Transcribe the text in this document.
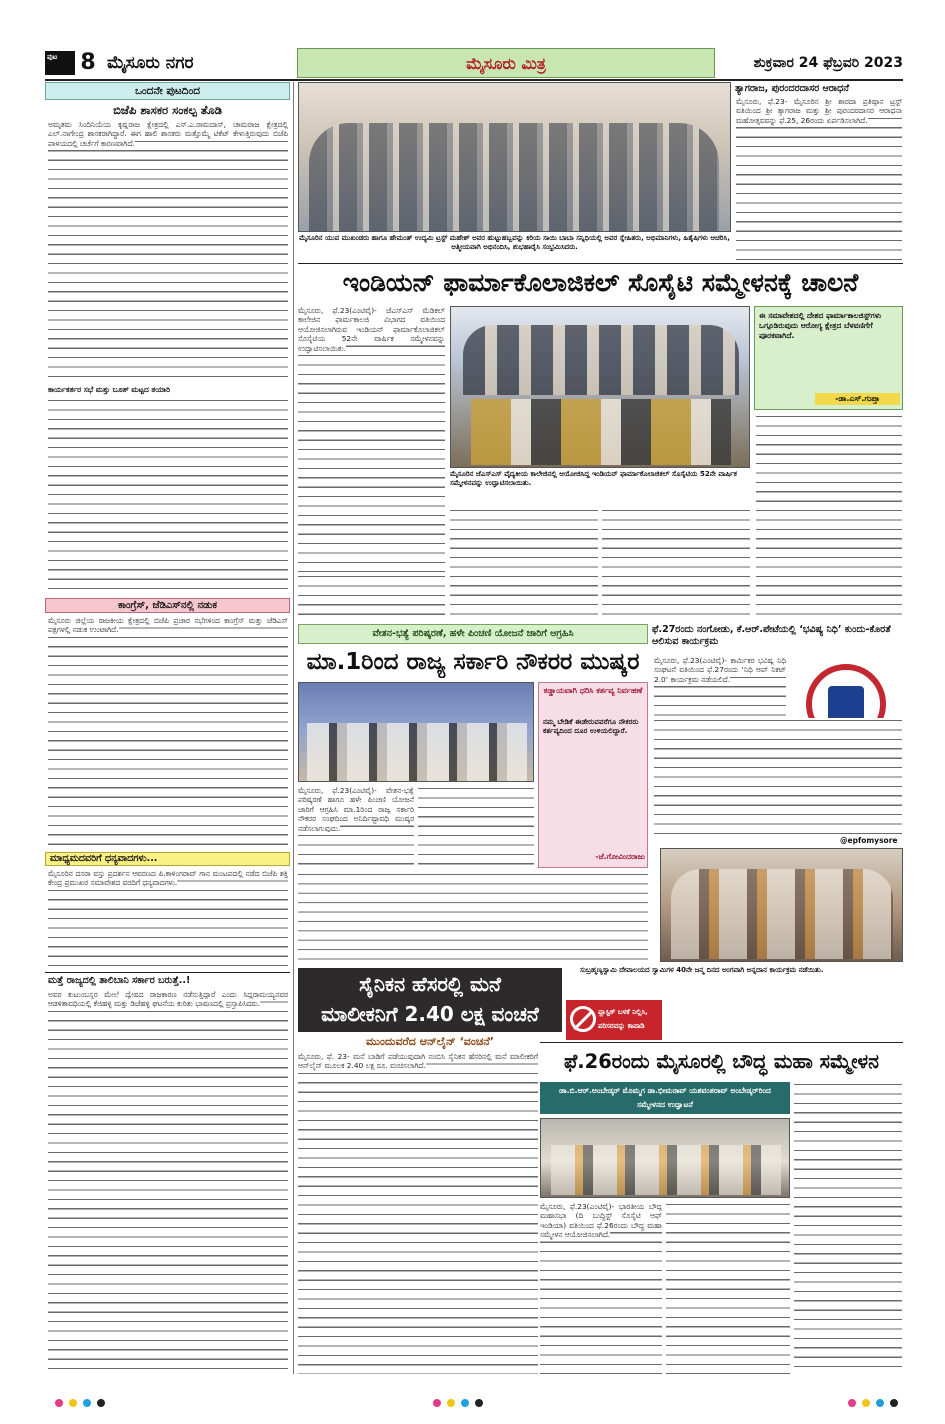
ಪುಟ	8 ಮೈಸೂರು ನಗರ	ಮೈಸೂರು ಮಿತ್ರ	ಶುಕ್ರವಾರ 24 ಫೆಬ್ರವರಿ 2023
ಒಂದನೇ ಪುಟದಿಂದ
ಬಿಜೆಪಿ ಶಾಸಕರ ಸಂಕಲ್ಪ ತೊಡಿ
ಅಮೃತಮ ಸಿಂದಿನಿಯೆಯ ಕೃಷ್ಣರಾಜ ಕ್ಷೇತ್ರದಲ್ಲಿ ಎಸ್.ಎ.ರಾಮದಾಸ್, ಚಾಮರಾಜ ಕ್ಷೇತ್ರದಲ್ಲಿ ಎಲ್.ನಾಗೇಂದ್ರ ಶಾಸಕರಾಗಿದ್ದಾರೆ. ಈಗ ಹಾಲಿ ಶಾಸಕರು ಮತ್ತೊಮ್ಮೆ ಟಿಕೆಟ್ ಕೇಳುತ್ತಿರುವುದು ಬಿಜೆಪಿ ಪಾಳಯದಲ್ಲಿ ಚರ್ಚೆಗೆ ಕಾರಣವಾಗಿದೆ.
ಕಾರ್ಯಕರ್ತರ ಸಭೆ ಮತ್ತು ಬೂತ್ ಮಟ್ಟದ ತಯಾರಿ
ಕಾಂಗ್ರೆಸ್, ಜೆಡಿಎಸ್‌ನಲ್ಲಿ ನಡುಕ
ಮೈಸೂರು ಜಿಲ್ಲೆಯ ರಾಜಕೀಯ ಕ್ಷೇತ್ರದಲ್ಲಿ ಬಿಜೆಪಿ ಪ್ರಚಾರ ಸಭೆಗಳಿಂದ ಕಾಂಗ್ರೆಸ್ ಮತ್ತು ಜೆಡಿಎಸ್ ಪಕ್ಷಗಳಲ್ಲಿ ನಡುಕ ಉಂಟಾಗಿದೆ.
ಮಾಧ್ಯಮದವರಿಗೆ ಧನ್ಯವಾದಗಳು...
ಮೈಸೂರಿನ ದಸರಾ ವಸ್ತು ಪ್ರದರ್ಶನ ಆವರಣದ ಪಿ.ಕಾಳಿಂಗರಾವ್ ಗಾನ ಮಂಟಪದಲ್ಲಿ ನಡೆದ ಬಿಜೆಪಿ ಶಕ್ತಿ ಕೇಂದ್ರ ಪ್ರಮುಖರ ಸಮಾವೇಶದ ವರದಿಗೆ ಧನ್ಯವಾದಗಳು.
ಮತ್ತೆ ರಾಜ್ಯದಲ್ಲಿ ತಾಲಿಬಾನಿ ಸರ್ಕಾರ ಬರುತ್ತೆ..!
ಅವರ ಕುಟುಂಬಸ್ಥರ ಮೇಲೆ ದ್ವೇಷದ ರಾಜಕಾರಣ ನಡೆಸುತ್ತಿದ್ದಾರೆ ಎಂದು ಸಿದ್ದರಾಮಯ್ಯನವರ ಆಡಳಿತಾವಧಿಯಲ್ಲಿ ಕೆಜಿಹಳ್ಳಿ ಮತ್ತು ಡಿಜೆಹಳ್ಳಿ ಘಟನೆಯ ಕುರಿತು ಭಾಷಣದಲ್ಲಿ ಪ್ರಸ್ತಾಪಿಸಿದರು.
ಮೈಸೂರಿನ ಯುವ ಮುಖಂಡರು ಹಾಗೂ ಹೇಮಂತ್ ಉದ್ಯಮಿ ಟ್ರಸ್ಟ್ ಮಹೇಶ್ ಅವರ ಹುಟ್ಟುಹಬ್ಬವನ್ನು ಕಿರಿಯ ಸಾಯಿ ಬಾಬಾ ಸನ್ನಿಧಿಯಲ್ಲಿ ಅವರ ಸ್ನೇಹಿತರು, ಅಭಿಮಾನಿಗಳು, ಹಿತೈಷಿಗಳು ಆಚರಿಸಿ, ಆತ್ಮೀಯವಾಗಿ ಅಭಿನಂದಿಸಿ, ಶುಭಹಾರೈಸಿ ಸಂಭ್ರಮಿಸಿದರು.
ತ್ಯಾಗರಾಜ, ಪುರಂದರದಾಸರ ಆರಾಧನೆ
ಮೈಸೂರು, ಫೆ.23- ಮೈಸೂರಿನ ಶ್ರೀ ಶಾರದಾ ಪ್ರತಿಷ್ಠಾನ ಟ್ರಸ್ಟ್ ವತಿಯಿಂದ ಶ್ರೀ ತ್ಯಾಗರಾಜ ಮತ್ತು ಶ್ರೀ ಪುರಂದರದಾಸರ ಆರಾಧನಾ ಮಹೋತ್ಸವವನ್ನು ಫೆ.25, 26ರಂದು ಏರ್ಪಡಿಸಲಾಗಿದೆ.
ಇಂಡಿಯನ್ ಫಾರ್ಮಾಕೊಲಾಜಿಕಲ್ ಸೊಸೈಟಿ ಸಮ್ಮೇಳನಕ್ಕೆ ಚಾಲನೆ
ಮೈಸೂರು, ಫೆ.23(ಎಂಟಿವೈ)- ಜೆಎಸ್‌ಎಸ್ ಮೆಡಿಕಲ್ ಕಾಲೇಜಿನ ಫಾರ್ಮಕಾಲಜಿ ವಿಭಾಗದ ವತಿಯಿಂದ ಆಯೋಜಿಸಲಾಗಿರುವ ಇಂಡಿಯನ್ ಫಾರ್ಮಾಕೊಲಾಜಿಕಲ್ ಸೊಸೈಟಿಯ 52ನೇ ವಾರ್ಷಿಕ ಸಮ್ಮೇಳನವನ್ನು ಉದ್ಘಾಟಿಸಲಾಯಿತು.
ಮೈಸೂರಿನ ಜೆಎಸ್‌ಎಸ್ ವೈದ್ಯಕೀಯ ಕಾಲೇಜಿನಲ್ಲಿ ಆಯೋಜಿಸಿದ್ದ ಇಂಡಿಯನ್ ಫಾರ್ಮಾಕೊಲಾಜಿಕಲ್ ಸೊಸೈಟಿಯ 52ನೇ ವಾರ್ಷಿಕ ಸಮ್ಮೇಳನವನ್ನು ಉದ್ಘಾಟಿಸಲಾಯಿತು.
ಈ ಸಮಾವೇಶದಲ್ಲಿ ದೇಶದ ಫಾರ್ಮಾಕಾಲಜಿಸ್ಟ್‌ಗಳು ಒಗ್ಗೂಡಿರುವುದು ಆರೋಗ್ಯ ಕ್ಷೇತ್ರದ ಬೆಳವಣಿಗೆಗೆ ಪೂರಕವಾಗಿದೆ.
-ಡಾ.ಎಸ್.ಗುಪ್ತಾ
ವೇತನ-ಭತ್ಯೆ ಪರಿಷ್ಕರಣೆ, ಹಳೇ ಪಿಂಚಣಿ ಯೋಜನೆ ಜಾರಿಗೆ ಆಗ್ರಹಿಸಿ
ಮಾ.1ರಿಂದ ರಾಜ್ಯ ಸರ್ಕಾರಿ ನೌಕರರ ಮುಷ್ಕರ
ಕಡ್ಡಾಯವಾಗಿ ಧರಿಸಿ ಕರ್ತವ್ಯ ನಿರ್ವಹಣೆ
ನಮ್ಮ ಬೇಡಿಕೆ ಈಡೇರುವವರೆಗೂ ನೌಕರರು ಕರ್ತವ್ಯದಿಂದ ದೂರ ಉಳಿಯಲಿದ್ದಾರೆ.
-ಜೆ.ಗೋವಿಂದರಾಜು
ಮೈಸೂರು, ಫೆ.23(ಎಂಟಿವೈ)- ವೇತನ-ಭತ್ಯೆ ಪರಿಷ್ಕರಣೆ ಹಾಗೂ ಹಳೇ ಪಿಂಚಣಿ ಯೋಜನೆ ಜಾರಿಗೆ ಆಗ್ರಹಿಸಿ ಮಾ.1ರಿಂದ ರಾಜ್ಯ ಸರ್ಕಾರಿ ನೌಕರರ ಸಂಘದಿಂದ ಅನಿರ್ದಿಷ್ಟಾವಧಿ ಮುಷ್ಕರ ನಡೆಸಲಾಗುವುದು.
ಫೆ.27ರಂದು ನಂಗೋಡು, ಕೆ.ಆರ್.ಪೇಟೆಯಲ್ಲಿ ‘ಭವಿಷ್ಯ ನಿಧಿ’ ಕುಂದು-ಕೊರತೆ ಆಲಿಸುವ ಕಾರ್ಯಕ್ರಮ
ಮೈಸೂರು, ಫೆ.23(ಎಂಟಿವೈ)- ಕಾರ್ಮಿಕರ ಭವಿಷ್ಯ ನಿಧಿ ಸಂಘಟನೆ ವತಿಯಿಂದ ಫೆ.27ರಂದು ‘ನಿಧಿ ಆಪ್ ನಿಕಟ್ 2.0’ ಕಾರ್ಯಕ್ರಮ ನಡೆಯಲಿದೆ.
@epfomysore
ಸುಬ್ರಹ್ಮಣ್ಯಸ್ವಾಮಿ ದೇವಾಲಯದ ಸ್ವಾಮಿಗಳ 40ನೇ ಜನ್ಮ ದಿನದ ಅಂಗವಾಗಿ ಅನ್ನದಾನ ಕಾರ್ಯಕ್ರಮ ನಡೆಯಿತು.
ಸೈನಿಕನ ಹೆಸರಲ್ಲಿ ಮನೆ
ಮಾಲೀಕನಿಗೆ 2.40 ಲಕ್ಷ ವಂಚನೆ
ಮುಂದುವರೆದ ಆನ್‌ಲೈನ್ ‘ವಂಚನೆ’
ಮೈಸೂರು, ಫೆ. 23- ಮನೆ ಬಾಡಿಗೆ ಪಡೆಯುವುದಾಗಿ ನಂಬಿಸಿ ಸೈನಿಕನ ಹೆಸರಿನಲ್ಲಿ ಮನೆ ಮಾಲೀಕರಿಗೆ ಆನ್‌ಲೈನ್ ಮೂಲಕ 2.40 ಲಕ್ಷ ರೂ. ವಂಚಿಸಲಾಗಿದೆ.
ಪ್ಲಾಸ್ಟಿಕ್ ಬಳಕೆ ನಿಲ್ಲಿಸಿ,
ಪರಿಸರವನ್ನು ಕಾಪಾಡಿ
ಫೆ.26ರಂದು ಮೈಸೂರಲ್ಲಿ ಬೌದ್ಧ ಮಹಾ ಸಮ್ಮೇಳನ
ಡಾ.ಬಿ.ಆರ್.ಅಂಬೇಡ್ಕರ್ ಮೊಮ್ಮಗ ಡಾ.ಭೀಮರಾವ್ ಯಶವಂತರಾವ್ ಅಂಬೇಡ್ಕರ್‌ರಿಂದ ಸಮ್ಮೇಳನದ ಉದ್ಘಾಟನೆ
ಮೈಸೂರು, ಫೆ.23(ಎಂಟಿವೈ)- ಭಾರತೀಯ ಬೌದ್ಧ ಮಹಾಸಭಾ (ದಿ ಬುದ್ಧಿಸ್ಟ್ ಸೊಸೈಟಿ ಆಫ್ ಇಂಡಿಯಾ) ವತಿಯಿಂದ ಫೆ.26ರಂದು ಬೌದ್ಧ ಮಹಾ ಸಮ್ಮೇಳನ ಆಯೋಜಿಸಲಾಗಿದೆ.
